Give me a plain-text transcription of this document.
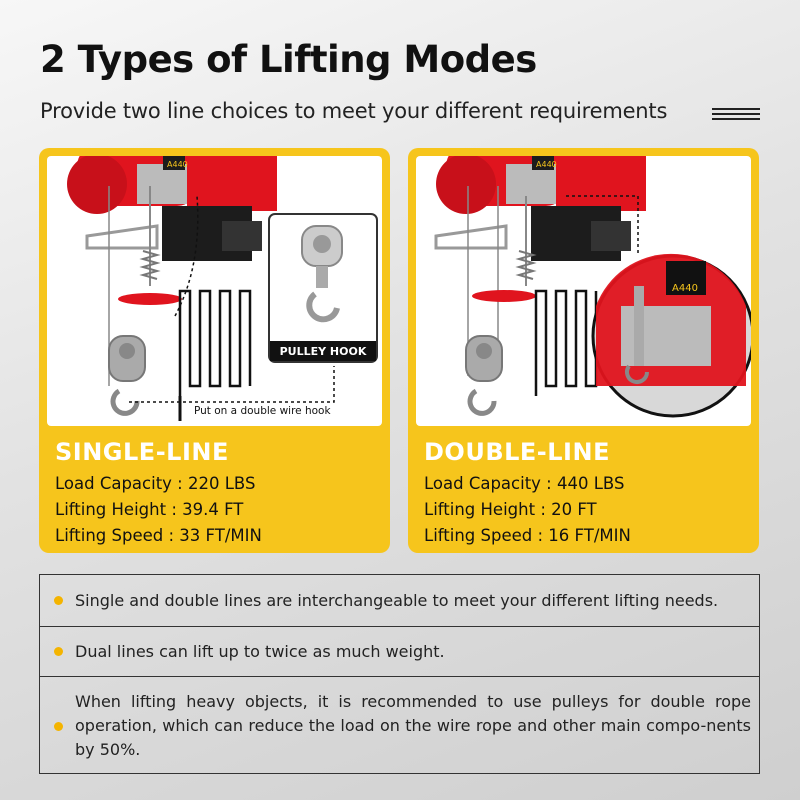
2 Types of Lifting Modes
Provide two line choices to meet your different requirements
A440
PULLEY HOOK
Put on a double wire hook
SINGLE-LINE
Load Capacity : 220 LBS
Lifting Height : 39.4 FT
Lifting Speed : 33 FT/MIN
A440
A440
DOUBLE-LINE
Load Capacity : 440 LBS
Lifting Height : 20 FT
Lifting Speed : 16 FT/MIN
Single and double lines are interchangeable to meet your different lifting needs.
Dual lines can lift up to twice as much weight.
When lifting heavy objects, it is recommended to use pulleys for double rope operation, which can reduce the load on the wire rope and other main compo-nents by 50%.
